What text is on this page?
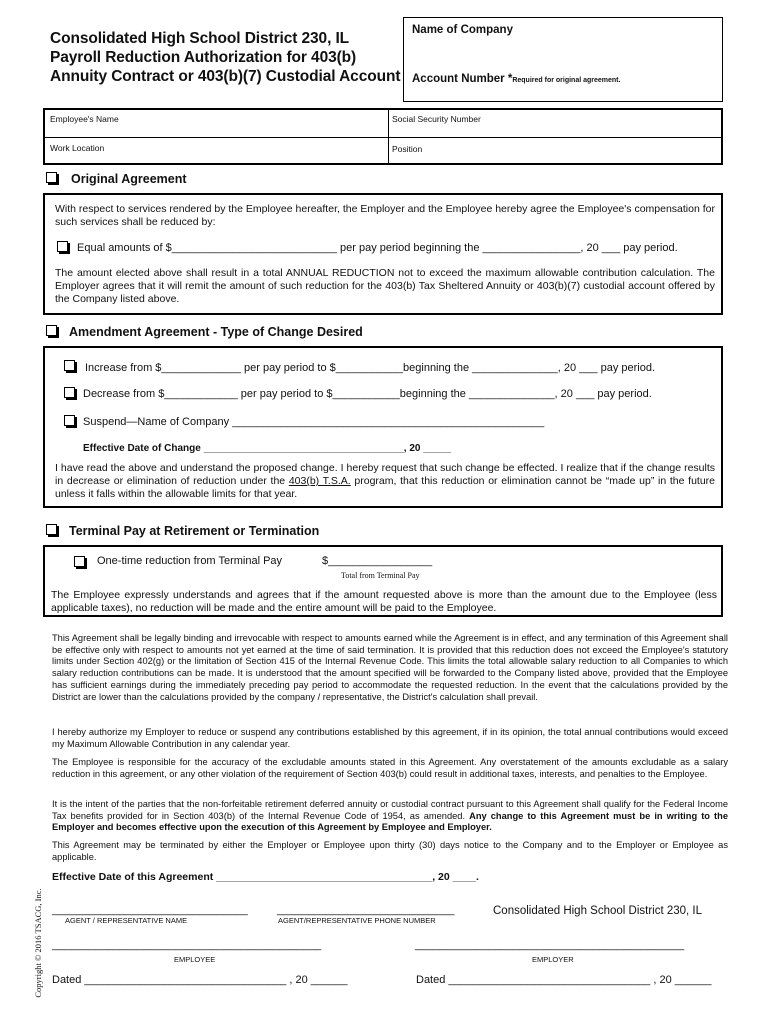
Consolidated High School District 230, IL
Payroll Reduction Authorization for 403(b)
Annuity Contract or 403(b)(7) Custodial Account
Name of Company
Account Number *Required for original agreement.
Employee's Name	Social Security Number
Work Location	Position
Original Agreement
With respect to services rendered by the Employee hereafter, the Employer and the Employee hereby agree the Employee's compensation for such services shall be reduced by:
Equal amounts of $___________________________ per pay period beginning the ________________, 20 ___ pay period.
The amount elected above shall result in a total ANNUAL REDUCTION not to exceed the maximum allowable contribution calculation. The Employer agrees that it will remit the amount of such reduction for the 403(b) Tax Sheltered Annuity or 403(b)(7) custodial account offered by the Company listed above.
Amendment Agreement - Type of Change Desired
Increase from $_____________ per pay period to $___________beginning the ______________, 20 ___ pay period.
Decrease from $____________ per pay period to $___________beginning the ______________, 20 ___ pay period.
Suspend—Name of Company ___________________________________________________
Effective Date of Change ____________________________________, 20 _____
I have read the above and understand the proposed change. I hereby request that such change be effected. I realize that if the change results in decrease or elimination of reduction under the 403(b) T.S.A. program, that this reduction or elimination cannot be “made up” in the future unless it falls within the allowable limits for that year.
Terminal Pay at Retirement or Termination
One-time reduction from Terminal Pay	$_________________
Total from Terminal Pay
The Employee expressly understands and agrees that if the amount requested above is more than the amount due to the Employee (less applicable taxes), no reduction will be made and the entire amount will be paid to the Employee.
This Agreement shall be legally binding and irrevocable with respect to amounts earned while the Agreement is in effect, and any termination of this Agreement shall be effective only with respect to amounts not yet earned at the time of said termination. It is provided that this reduction does not exceed the Employee's statutory limits under Section 402(g) or the limitation of Section 415 of the Internal Revenue Code. This limits the total allowable salary reduction to all Companies to which salary reduction contributions can be made. It is understood that the amount specified will be forwarded to the Company listed above, provided that the Employee has sufficient earnings during the immediately preceding pay period to accommodate the requested reduction. In the event that the calculations provided by the District are lower than the calculations provided by the company / representative, the District's calculation shall prevail.
I hereby authorize my Employer to reduce or suspend any contributions established by this agreement, if in its opinion, the total annual contributions would exceed my Maximum Allowable Contribution in any calendar year.
The Employee is responsible for the accuracy of the excludable amounts stated in this Agreement. Any overstatement of the amounts excludable as a salary reduction in this agreement, or any other violation of the requirement of Section 403(b) could result in additional taxes, interests, and penalties to the Employee.
It is the intent of the parties that the non-forfeitable retirement deferred annuity or custodial contract pursuant to this Agreement shall qualify for the Federal Income Tax benefits provided for in Section 403(b) of the Internal Revenue Code of 1954, as amended. Any change to this Agreement must be in writing to the Employer and becomes effective upon the execution of this Agreement by Employee and Employer.
This Agreement may be terminated by either the Employer or Employee upon thirty (30) days notice to the Company and to the Employer or Employee as applicable.
Effective Date of this Agreement _____________________________________, 20 ____.
________________________________
AGENT / REPRESENTATIVE NAME
_____________________________
AGENT/REPRESENTATIVE PHONE NUMBER
Consolidated High School District 230, IL
____________________________________________
EMPLOYEE
____________________________________________
EMPLOYER
Dated _________________________________ , 20 ______	Dated _________________________________ , 20 ______
Copyright © 2016 TSACG, Inc.
